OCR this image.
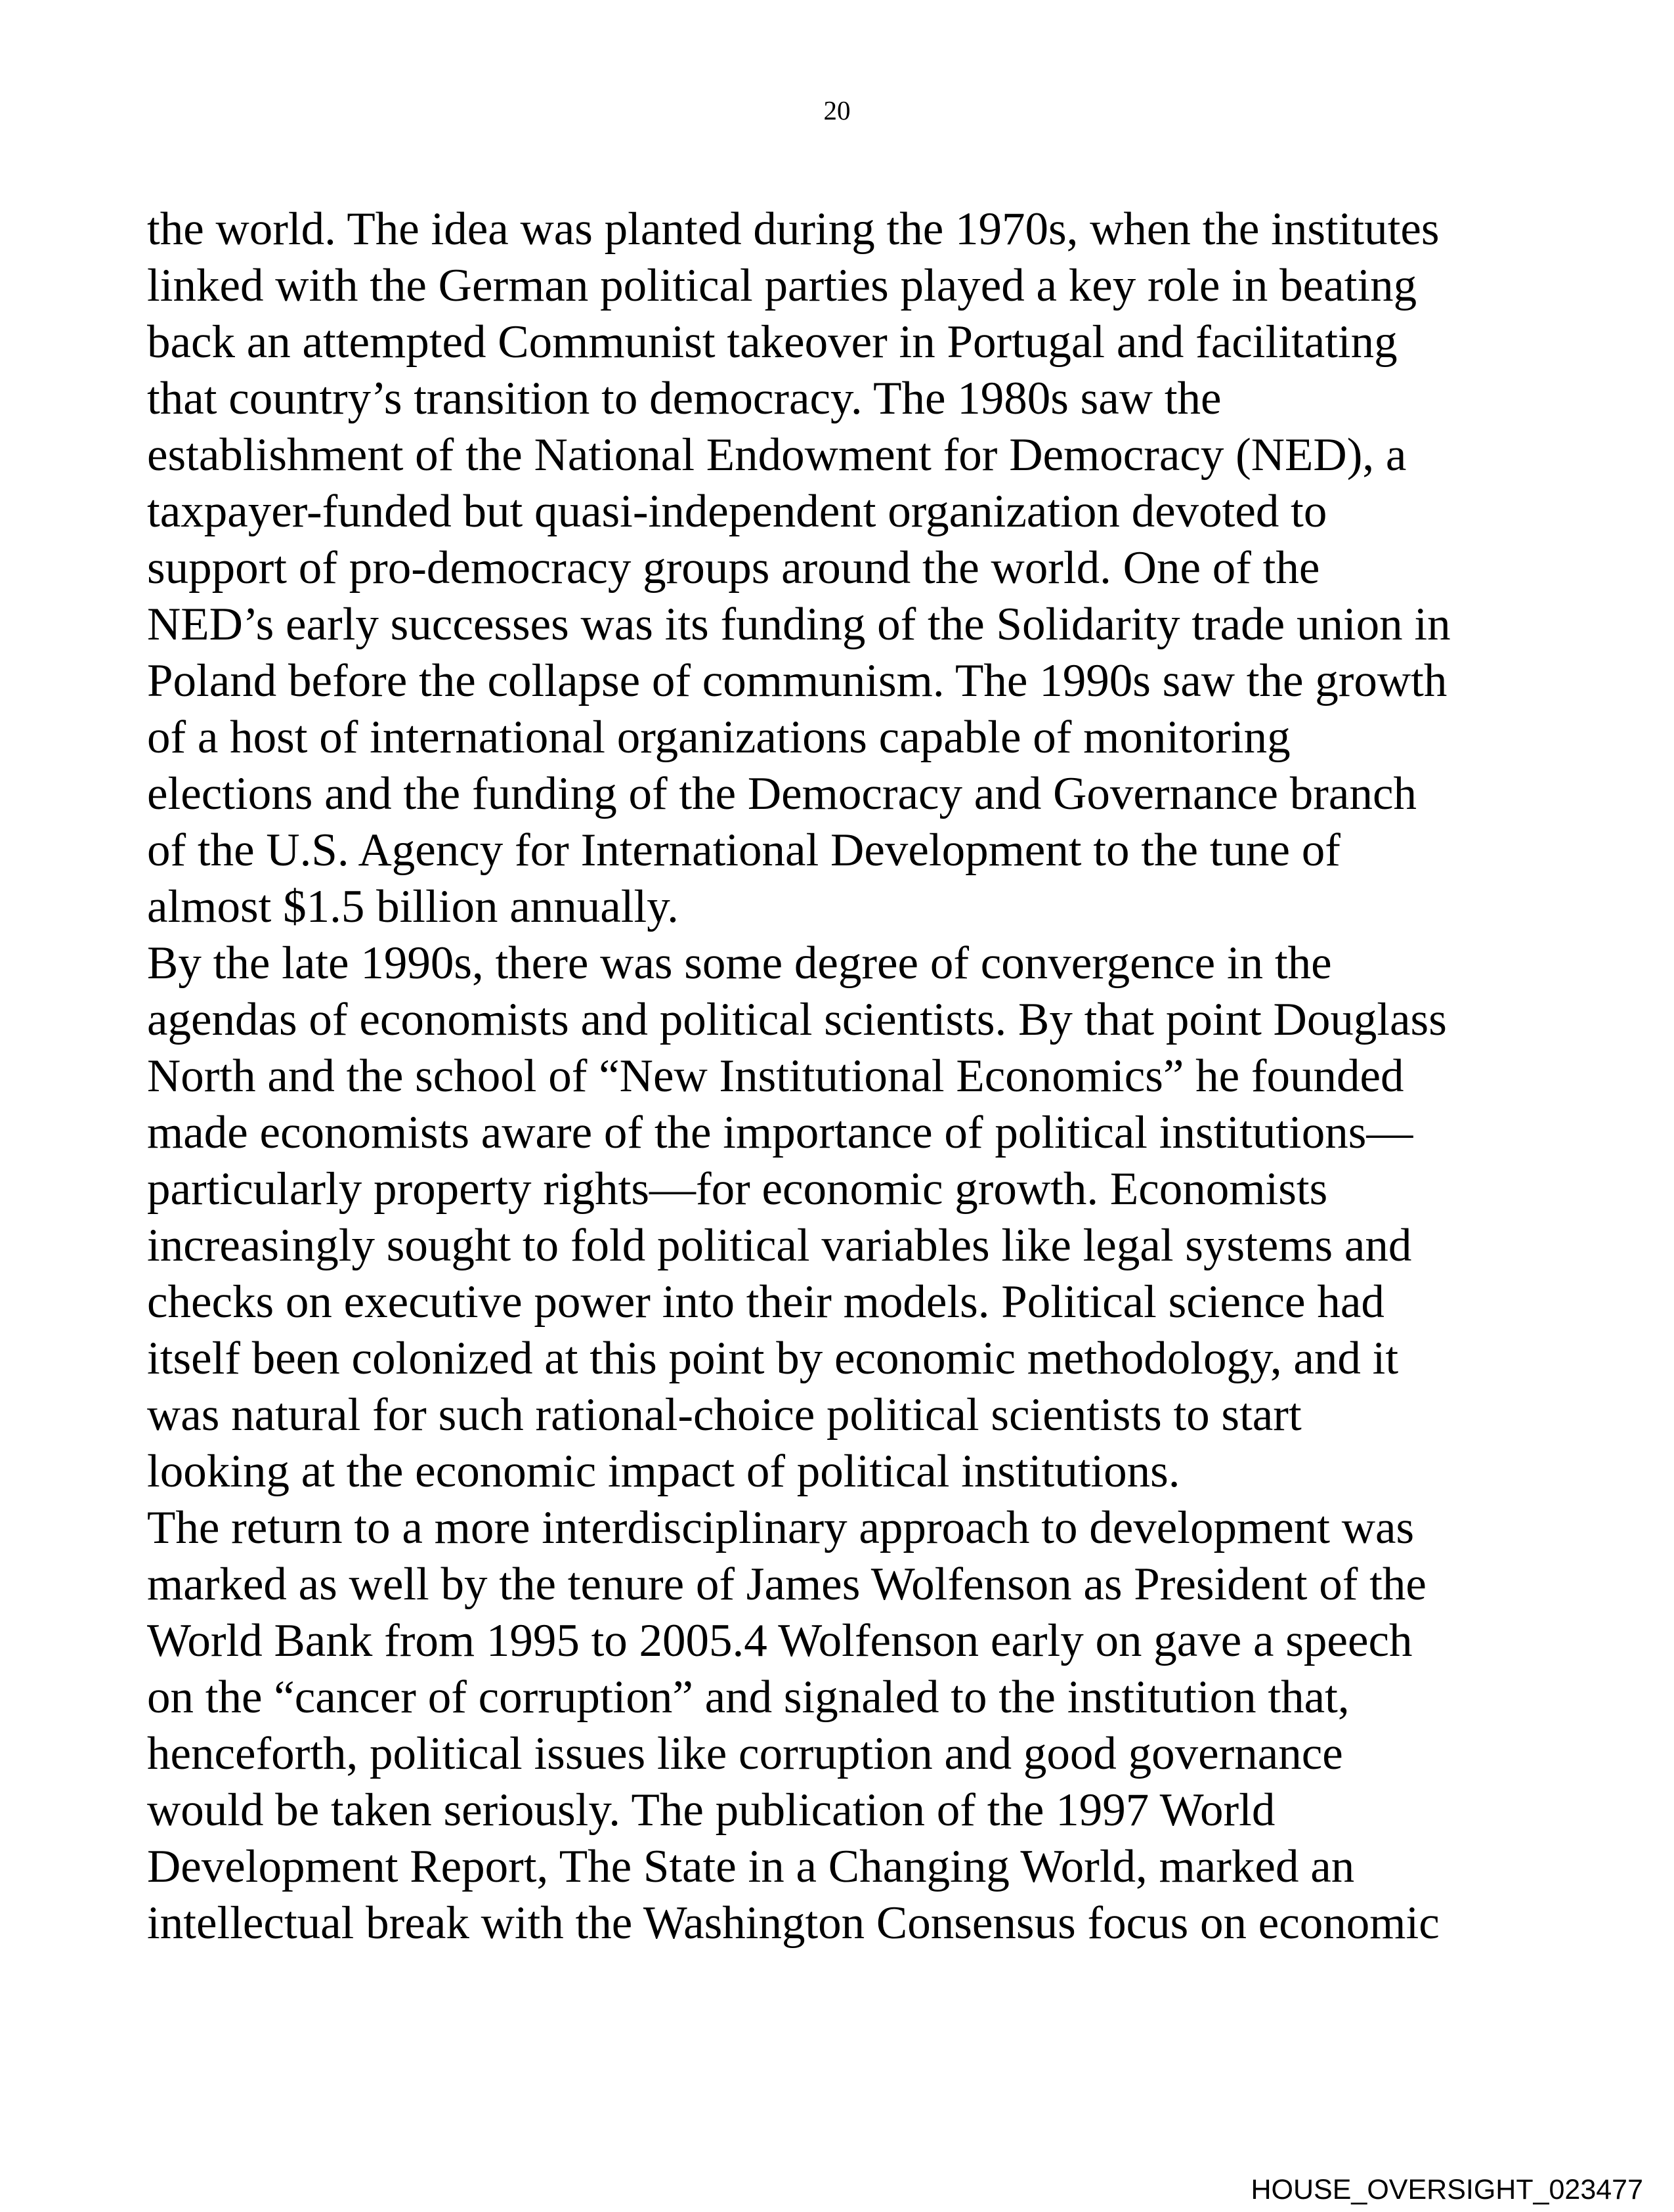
20
the world. The idea was planted during the 1970s, when the institutes
linked with the German political parties played a key role in beating
back an attempted Communist takeover in Portugal and facilitating
that country’s transition to democracy. The 1980s saw the
establishment of the National Endowment for Democracy (NED), a
taxpayer-funded but quasi-independent organization devoted to
support of pro-democracy groups around the world. One of the
NED’s early successes was its funding of the Solidarity trade union in
Poland before the collapse of communism. The 1990s saw the growth
of a host of international organizations capable of monitoring
elections and the funding of the Democracy and Governance branch
of the U.S. Agency for International Development to the tune of
almost $1.5 billion annually.
By the late 1990s, there was some degree of convergence in the
agendas of economists and political scientists. By that point Douglass
North and the school of “New Institutional Economics” he founded
made economists aware of the importance of political institutions—
particularly property rights—for economic growth. Economists
increasingly sought to fold political variables like legal systems and
checks on executive power into their models. Political science had
itself been colonized at this point by economic methodology, and it
was natural for such rational-choice political scientists to start
looking at the economic impact of political institutions.
The return to a more interdisciplinary approach to development was
marked as well by the tenure of James Wolfenson as President of the
World Bank from 1995 to 2005.4 Wolfenson early on gave a speech
on the “cancer of corruption” and signaled to the institution that,
henceforth, political issues like corruption and good governance
would be taken seriously. The publication of the 1997 World
Development Report, The State in a Changing World, marked an
intellectual break with the Washington Consensus focus on economic
HOUSE_OVERSIGHT_023477
